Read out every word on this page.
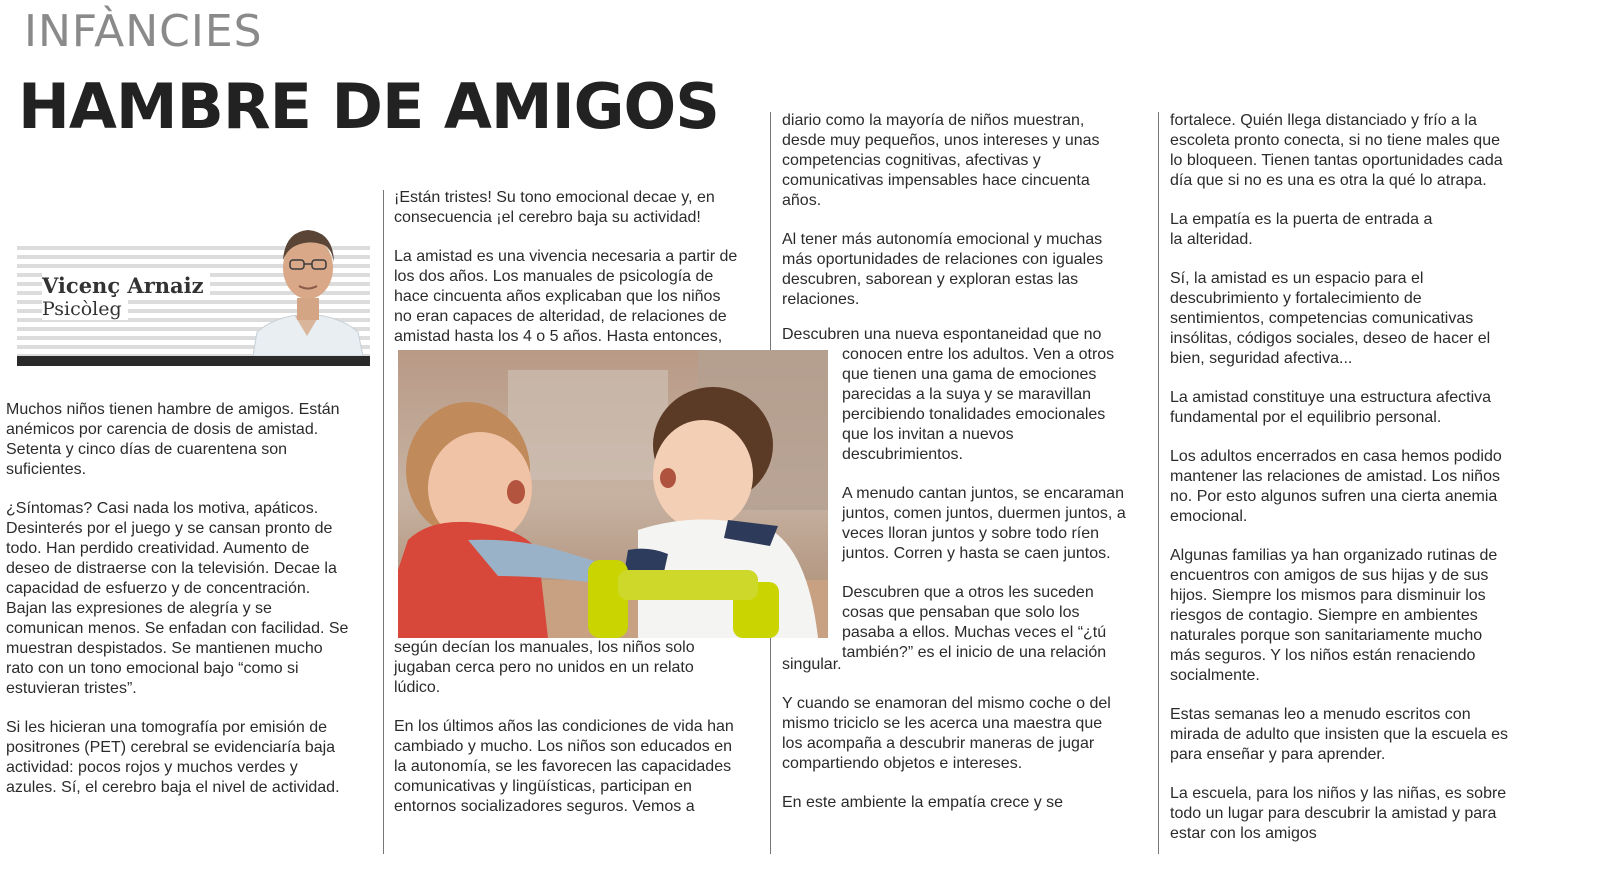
INFÀNCIES
HAMBRE DE AMIGOS
Vicenç Arnaiz
Psicòleg

Muchos niños tienen hambre de amigos. Están
anémicos por carencia de dosis de amistad.
Setenta y cinco días de cuarentena son
suficientes.

¿Síntomas? Casi nada los motiva, apáticos.
Desinterés por el juego y se cansan pronto de
todo. Han perdido creatividad. Aumento de
deseo de distraerse con la televisión. Decae la
capacidad de esfuerzo y de concentración.
Bajan las expresiones de alegría y se
comunican menos. Se enfadan con facilidad. Se
muestran despistados. Se mantienen mucho
rato con un tono emocional bajo “como si
estuvieran tristes”.

Si les hicieran una tomografía por emisión de
positrones (PET) cerebral se evidenciaría baja
actividad: pocos rojos y muchos verdes y
azules. Sí, el cerebro baja el nivel de actividad.

¡Están tristes! Su tono emocional decae y, en
consecuencia ¡el cerebro baja su actividad!

La amistad es una vivencia necesaria a partir de
los dos años. Los manuales de psicología de
hace cincuenta años explicaban que los niños
no eran capaces de alteridad, de relaciones de
amistad hasta los 4 o 5 años. Hasta entonces,

según decían los manuales, los niños solo
jugaban cerca pero no unidos en un relato
lúdico.

En los últimos años las condiciones de vida han
cambiado y mucho. Los niños son educados en
la autonomía, se les favorecen las capacidades
comunicativas y lingüísticas, participan en
entornos socializadores seguros. Vemos a

diario como la mayoría de niños muestran,
desde muy pequeños, unos intereses y unas
competencias cognitivas, afectivas y
comunicativas impensables hace cincuenta
años.

Al tener más autonomía emocional y muchas
más oportunidades de relaciones con iguales
descubren, saborean y exploran estas las
relaciones.

Descubren una nueva espontaneidad que no

conocen entre los adultos. Ven a otros
que tienen una gama de emociones
parecidas a la suya y se maravillan
percibiendo tonalidades emocionales
que los invitan a nuevos
descubrimientos.

A menudo cantan juntos, se encaraman
juntos, comen juntos, duermen juntos, a
veces lloran juntos y sobre todo ríen
juntos. Corren y hasta se caen juntos.

Descubren que a otros les suceden
cosas que pensaban que solo los
pasaba a ellos. Muchas veces el “¿tú
también?” es el inicio de una relación

singular.

Y cuando se enamoran del mismo coche o del
mismo triciclo se les acerca una maestra que
los acompaña a descubrir maneras de jugar
compartiendo objetos e intereses.

En este ambiente la empatía crece y se

fortalece. Quién llega distanciado y frío a la
escoleta pronto conecta, si no tiene males que
lo bloqueen. Tienen tantas oportunidades cada
día que si no es una es otra la qué lo atrapa.

La empatía es la puerta de entrada a
la alteridad.

Sí, la amistad es un espacio para el
descubrimiento y fortalecimiento de
sentimientos, competencias comunicativas
insólitas, códigos sociales, deseo de hacer el
bien, seguridad afectiva...

La amistad constituye una estructura afectiva
fundamental por el equilibrio personal.

Los adultos encerrados en casa hemos podido
mantener las relaciones de amistad. Los niños
no. Por esto algunos sufren una cierta anemia
emocional.

Algunas familias ya han organizado rutinas de
encuentros con amigos de sus hijas y de sus
hijos. Siempre los mismos para disminuir los
riesgos de contagio. Siempre en ambientes
naturales porque son sanitariamente mucho
más seguros. Y los niños están renaciendo
socialmente.

Estas semanas leo a menudo escritos con
mirada de adulto que insisten que la escuela es
para enseñar y para aprender.

La escuela, para los niños y las niñas, es sobre
todo un lugar para descubrir la amistad y para
estar con los amigos
